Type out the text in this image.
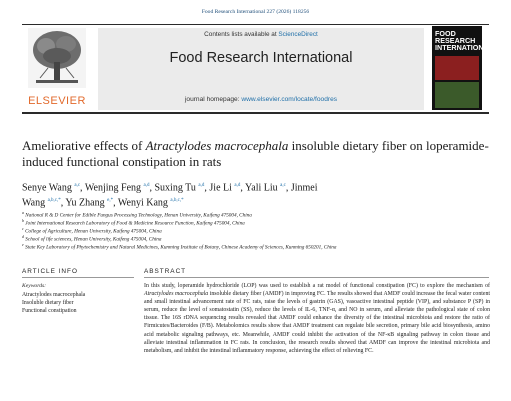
Food Research International 227 (2026) 118256
ELSEVIER
Contents lists available at ScienceDirect
Food Research International
journal homepage: www.elsevier.com/locate/foodres
FOOD RESEARCH INTERNATIONAL
Ameliorative effects of Atractylodes macrocephala insoluble dietary fiber on loperamide-induced functional constipation in rats
Senye Wang $^{a,c}$, Wenjing Feng $^{a,d}$, Suxing Tu $^{a,d}$, Jie Li $^{a,d}$, Yali Liu $^{a,c}$, Jinmei Wang $^{a,b,c,*}$, Yu Zhang $^{e,*}$, Wenyi Kang $^{a,b,c,*}$
$^a$ National R & D Center for Edible Fungus Processing Technology, Henan University, Kaifeng 475004, China
$^b$ Joint International Research Laboratory of Food & Medicine Resource Function, Kaifeng 475004, China
$^c$ College of Agriculture, Henan University, Kaifeng 475004, China
$^d$ School of life sciences, Henan University, Kaifeng 475004, China
$^e$ State Key Laboratory of Phytochemistry and Natural Medicines, Kunming Institute of Botany, Chinese Academy of Sciences, Kunming 650201, China
ARTICLE INFO
Keywords:
Atractylodes macrocephala
Insoluble dietary fiber
Functional constipation
ABSTRACT
In this study, loperamide hydrochloride (LOP) was used to establish a rat model of functional constipation (FC) to explore the mechanism of Atractylodes macrocephala insoluble dietary fiber (AMDF) in improving FC. The results showed that AMDF could increase the fecal water content and small intestinal advancement rate of FC rats, raise the levels of gastrin (GAS), vasoactive intestinal peptide (VIP), and substance P (SP) in serum, reduce the level of somatostatin (SS), reduce the levels of IL-6, TNF-α, and NO in serum, and alleviate the pathological state of colon tissue. The 16S rDNA sequencing results revealed that AMDF could enhance the diversity of the intestinal microbiota and restore the ratio of Firmicutes/Bacteroides (F/B). Metabolomics results show that AMDF treatment can regulate bile secretion, primary bile acid biosynthesis, amino acid metabolic signaling pathways, etc. Meanwhile, AMDF could inhibit the activation of the NF-κB signaling pathway in colon tissue and alleviate intestinal inflammation in FC rats. In conclusion, the research results showed that AMDF can improve the intestinal microbiota and metabolism, and inhibit the intestinal inflammatory response, achieving the effect of relieving FC.
